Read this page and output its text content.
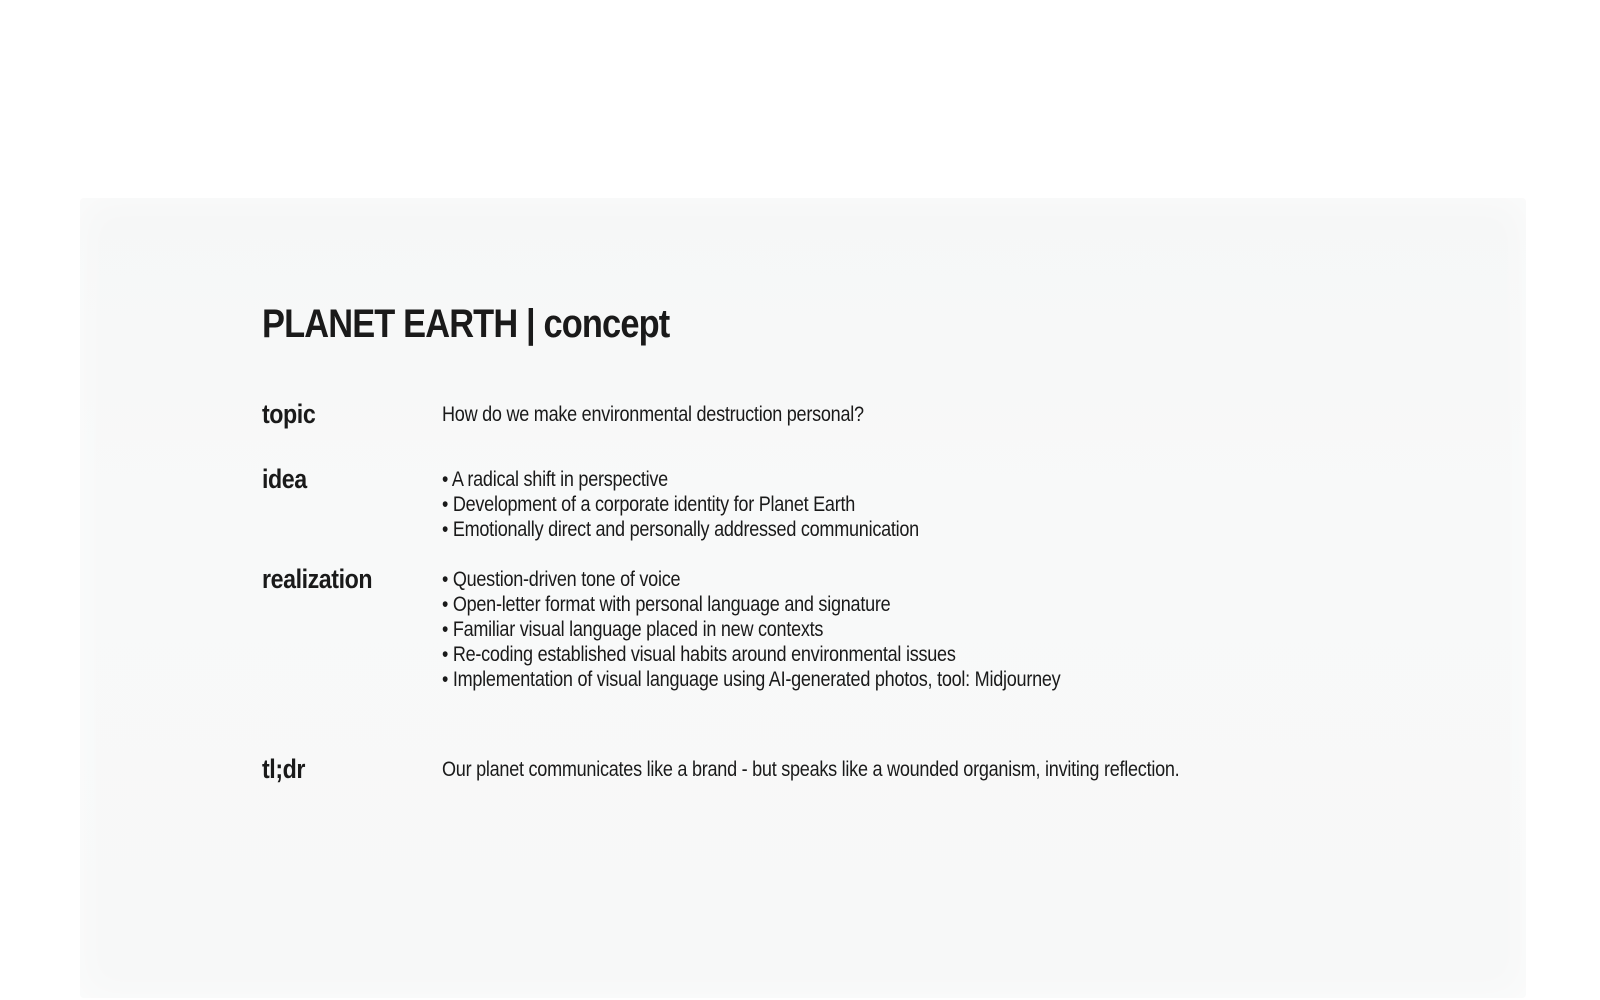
PLANET EARTH | concept
topic	How do we make environmental destruction personal?
idea	• A radical shift in perspective
• Development of a corporate identity for Planet Earth
• Emotionally direct and personally addressed communication
realization	• Question-driven tone of voice
• Open-letter format with personal language and signature
• Familiar visual language placed in new contexts
• Re-coding established visual habits around environmental issues
• Implementation of visual language using AI-generated photos, tool: Midjourney
tl;dr	Our planet communicates like a brand - but speaks like a wounded organism, inviting reflection.
